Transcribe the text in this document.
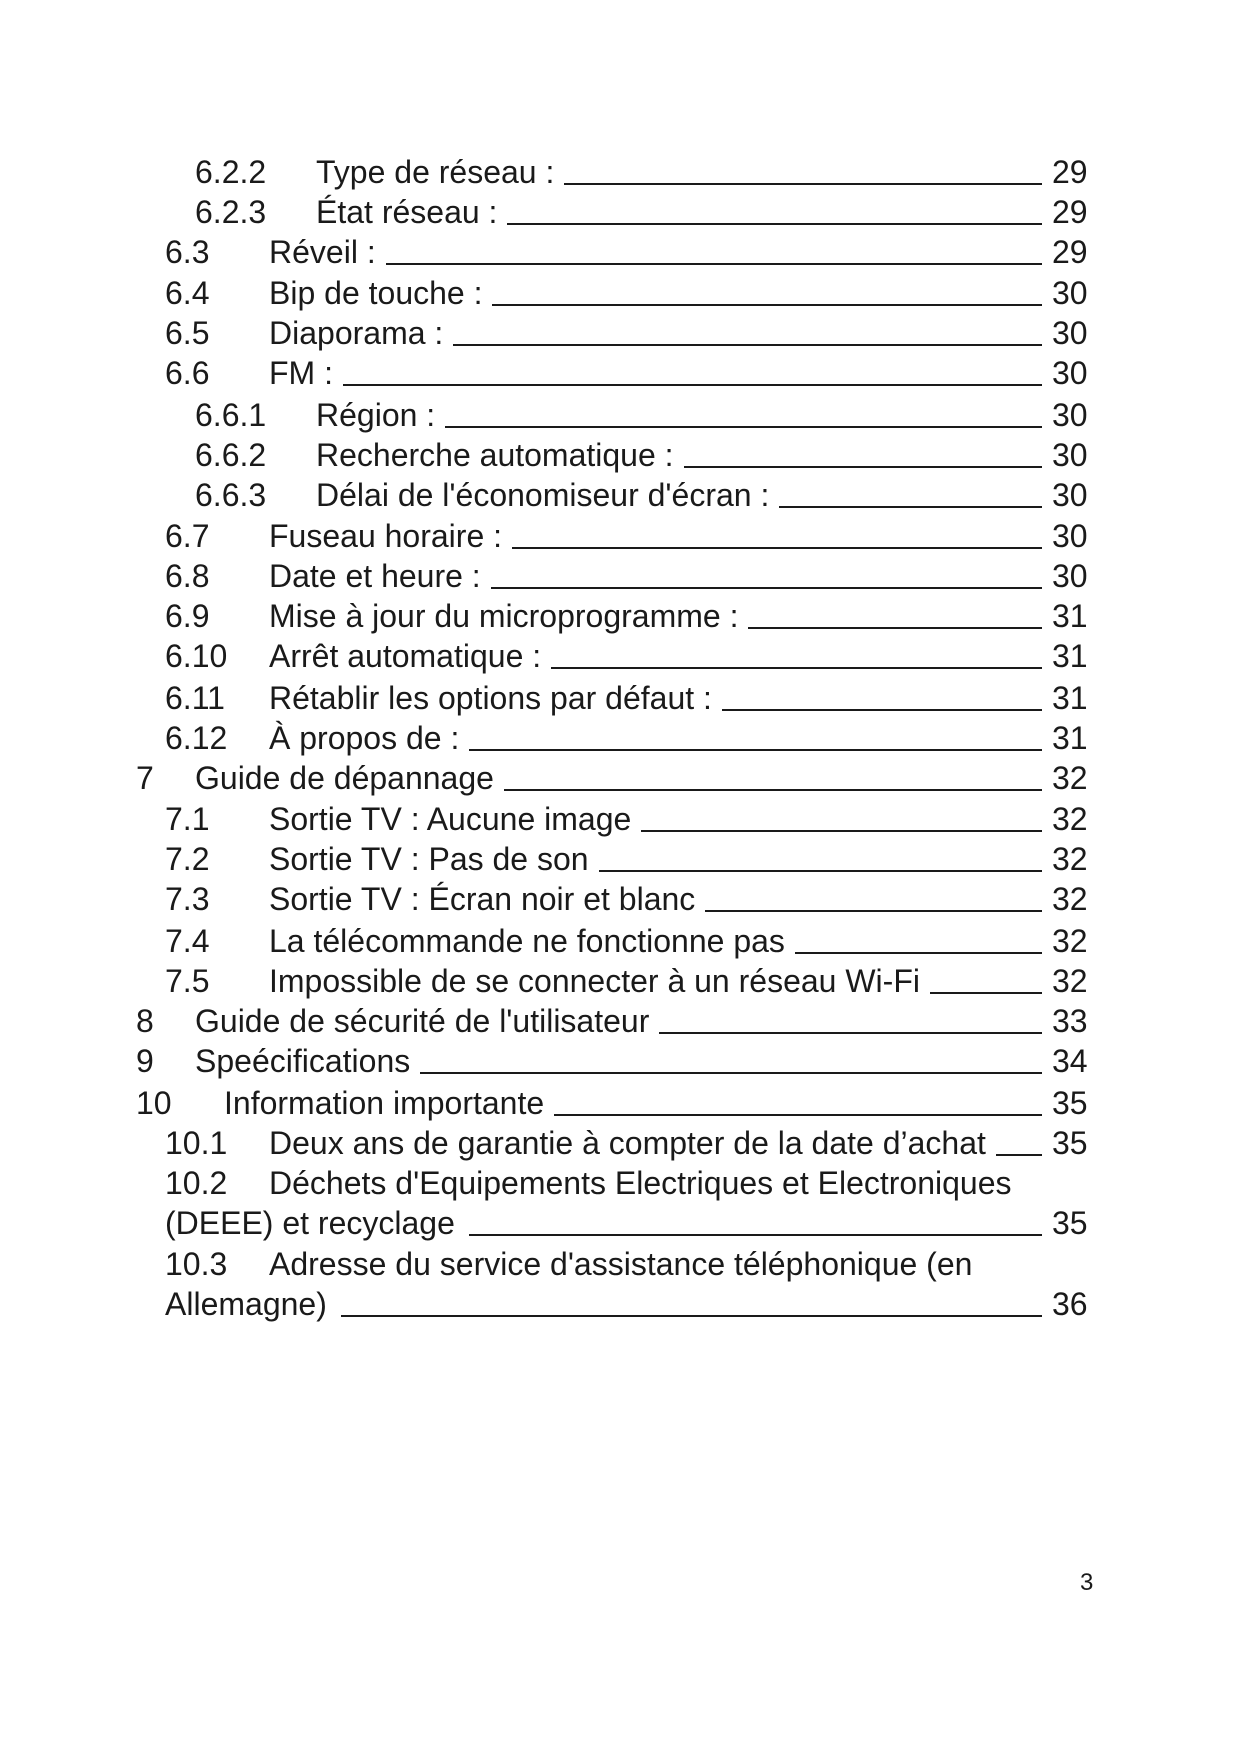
6.2.2 Type de réseau :	29
6.2.3 État réseau :	29
6.3 Réveil :	29
6.4 Bip de touche :	30
6.5 Diaporama :	30
6.6 FM :	30
6.6.1 Région :	30
6.6.2 Recherche automatique :	30
6.6.3 Délai de l'économiseur d'écran :	30
6.7 Fuseau horaire :	30
6.8 Date et heure :	30
6.9 Mise à jour du microprogramme :	31
6.10 Arrêt automatique :	31
6.11 Rétablir les options par défaut :	31
6.12 À propos de :	31
7 Guide de dépannage	32
7.1 Sortie TV : Aucune image	32
7.2 Sortie TV : Pas de son	32
7.3 Sortie TV : Écran noir et blanc	32
7.4 La télécommande ne fonctionne pas	32
7.5 Impossible de se connecter à un réseau Wi-Fi	32
8 Guide de sécurité de l'utilisateur	33
9 Speécifications	34
10 Information importante	35
10.1 Deux ans de garantie à compter de la date d’achat 35
10.2 Déchets d'Equipements Electriques et Electroniques
(DEEE) et recyclage	35
10.3 Adresse du service d'assistance téléphonique (en
Allemagne)	36
3
